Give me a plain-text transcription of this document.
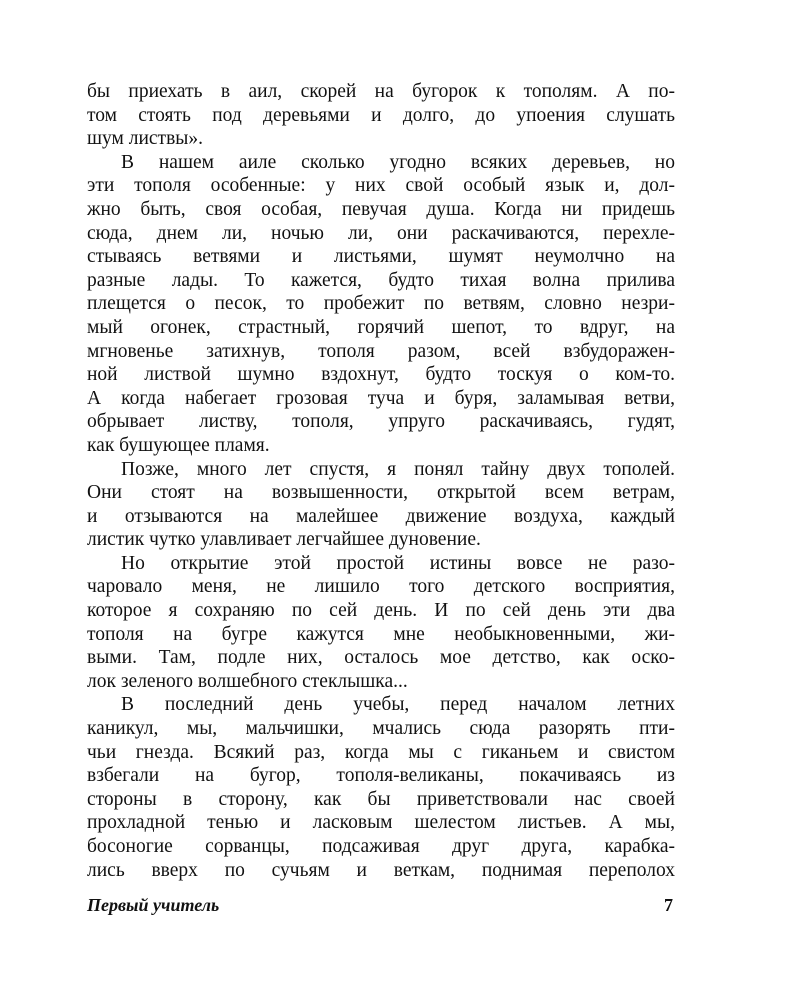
бы приехать в аил, скорей на бугорок к тополям. А по-
том стоять под деревьями и долго, до упоения слушать
шум листвы».

В нашем аиле сколько угодно всяких деревьев, но
эти тополя особенные: у них свой особый язык и, дол-
жно быть, своя особая, певучая душа. Когда ни придешь
сюда, днем ли, ночью ли, они раскачиваются, перехле-
стываясь ветвями и листьями, шумят неумолчно на
разные лады. То кажется, будто тихая волна прилива
плещется о песок, то пробежит по ветвям, словно незри-
мый огонек, страстный, горячий шепот, то вдруг, на
мгновенье затихнув, тополя разом, всей взбудоражен-
ной листвой шумно вздохнут, будто тоскуя о ком-то.
А когда набегает грозовая туча и буря, заламывая ветви,
обрывает листву, тополя, упруго раскачиваясь, гудят,
как бушующее пламя.

Позже, много лет спустя, я понял тайну двух тополей.
Они стоят на возвышенности, открытой всем ветрам,
и отзываются на малейшее движение воздуха, каждый
листик чутко улавливает легчайшее дуновение.

Но открытие этой простой истины вовсе не разо-
чаровало меня, не лишило того детского восприятия,
которое я сохраняю по сей день. И по сей день эти два
тополя на бугре кажутся мне необыкновенными, жи-
выми. Там, подле них, осталось мое детство, как оско-
лок зеленого волшебного стеклышка...

В последний день учебы, перед началом летних
каникул, мы, мальчишки, мчались сюда разорять пти-
чьи гнезда. Всякий раз, когда мы с гиканьем и свистом
взбегали на бугор, тополя-великаны, покачиваясь из
стороны в сторону, как бы приветствовали нас своей
прохладной тенью и ласковым шелестом листьев. А мы,
босоногие сорванцы, подсаживая друг друга, карабка-
лись вверх по сучьям и веткам, поднимая переполох

Первый учитель	7
